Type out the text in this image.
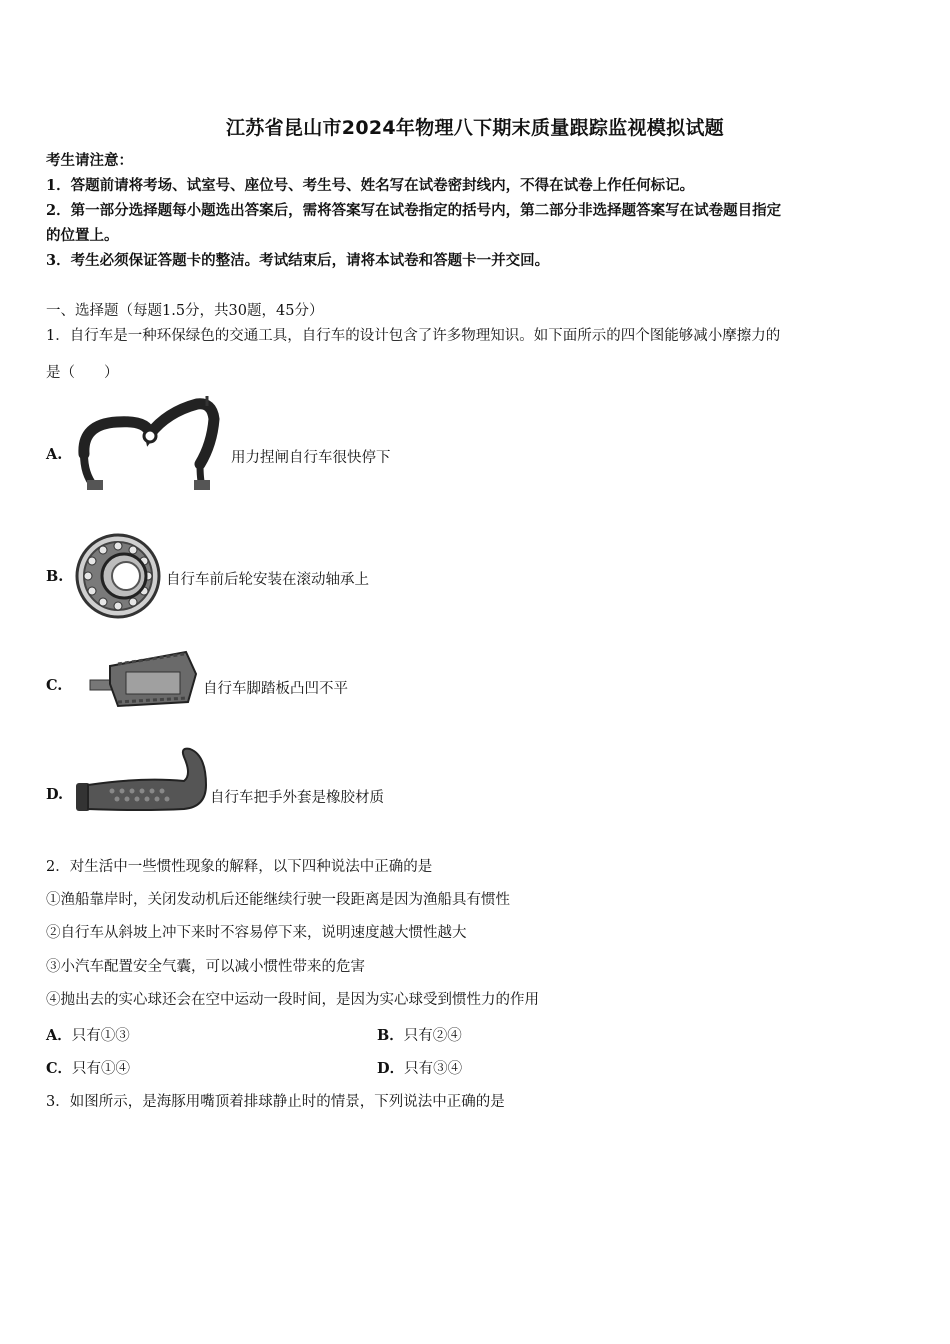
江苏省昆山市2024年物理八下期末质量跟踪监视模拟试题
考生请注意：
1．答题前请将考场、试室号、座位号、考生号、姓名写在试卷密封线内，不得在试卷上作任何标记。
2．第一部分选择题每小题选出答案后，需将答案写在试卷指定的括号内，第二部分非选择题答案写在试卷题目指定
的位置上。
3．考生必须保证答题卡的整洁。考试结束后，请将本试卷和答题卡一并交回。
一、选择题（每题1.5分，共30题，45分）
1．自行车是一种环保绿色的交通工具，自行车的设计包含了许多物理知识。如下面所示的四个图能够减小摩擦力的
是（　　）
A.	用力捏闸自行车很快停下
B.	自行车前后轮安装在滚动轴承上
C.	自行车脚踏板凸凹不平
D.	自行车把手外套是橡胶材质
2．对生活中一些惯性现象的解释，以下四种说法中正确的是
①渔船靠岸时，关闭发动机后还能继续行驶一段距离是因为渔船具有惯性
②自行车从斜坡上冲下来时不容易停下来，说明速度越大惯性越大
③小汽车配置安全气囊，可以减小惯性带来的危害
④抛出去的实心球还会在空中运动一段时间，是因为实心球受到惯性力的作用
A．只有①③	B．只有②④
C．只有①④	D．只有③④
3．如图所示，是海豚用嘴顶着排球静止时的情景，下列说法中正确的是
